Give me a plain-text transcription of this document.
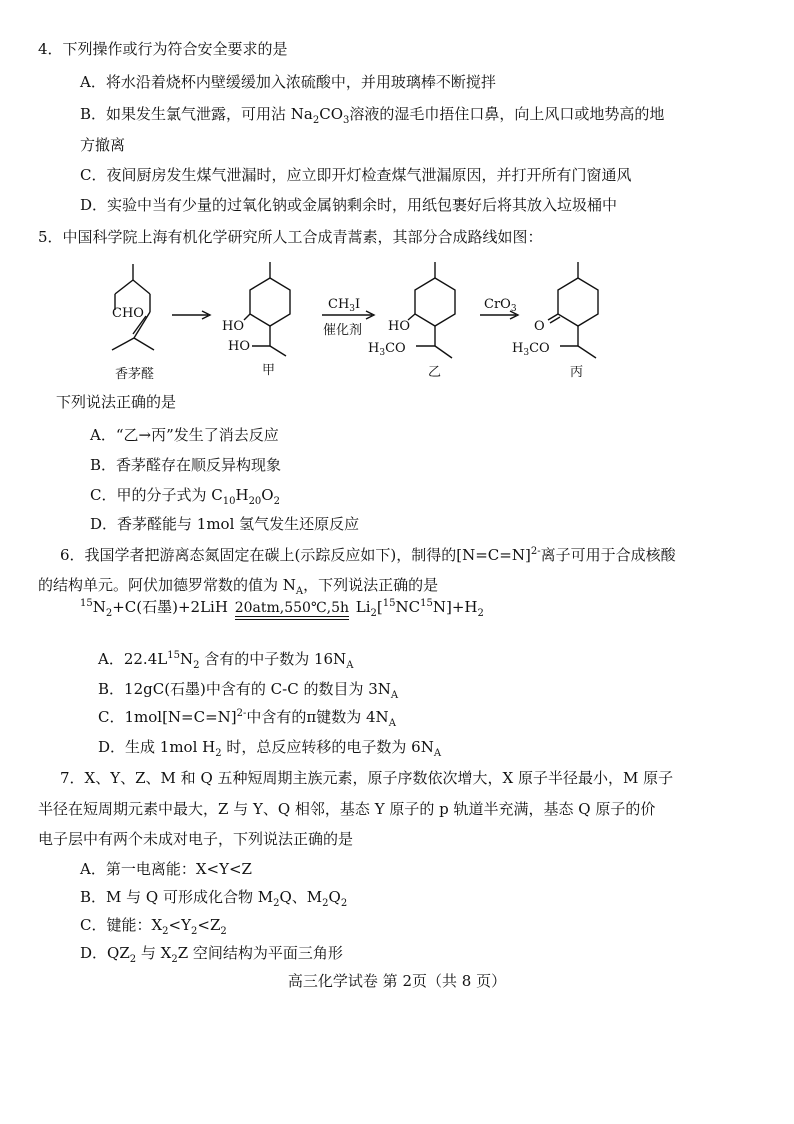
4．下列操作或行为符合安全要求的是
A．将水沿着烧杯内壁缓缓加入浓硫酸中，并用玻璃棒不断搅拌
B．如果发生氯气泄露，可用沾 $Na_2CO_3$溶液的湿毛巾捂住口鼻，向上风口或地势高的地
方撤离
C．夜间厨房发生煤气泄漏时，应立即开灯检查煤气泄漏原因，并打开所有门窗通风
D．实验中当有少量的过氧化钠或金属钠剩余时，用纸包裹好后将其放入垃圾桶中
5．中国科学院上海有机化学研究所人工合成青蒿素，其部分合成路线如图：
CHO
HO
HO
$CH_3I$
催化剂 HO
$H_3CO$
CrO$_3$
O
$H_3CO$
香茅醛	甲	乙	丙
下列说法正确的是
A．“乙→丙”发生了消去反应
B．香茅醛存在顺反异构现象
C．甲的分子式为 $C_{10}H_{20}O_2$
D．香茅醛能与 1mol 氢气发生还原反应
6．我国学者把游离态氮固定在碳上(示踪反应如下)，制得的[N=C=N]$^{2-}$离子可用于合成核酸
的结构单元。阿伏加德罗常数的值为 $N_A$，下列说法正确的是
$^{15}N_2+C$(石墨)+2LiH 20atm,550℃,5h $Li_2[^{15}NC^{15}N]+H_2$
A．$22.4L^{15}N_2$ 含有的中子数为 $16N_A$
B．12gC(石墨)中含有的 C-C 的数目为 $3N_A$
C．1mol[N=C=N]$^{2-}$中含有的π键数为 $4N_A$
D．生成 1mol $H_2$ 时，总反应转移的电子数为 $6N_A$
7．X、Y、Z、M 和 Q 五种短周期主族元素，原子序数依次增大，X 原子半径最小，M 原子
半径在短周期元素中最大，Z 与 Y、Q 相邻，基态 Y 原子的 p 轨道半充满，基态 Q 原子的价
电子层中有两个未成对电子，下列说法正确的是
A．第一电离能：X<Y<Z
B．M 与 Q 可形成化合物 $M_2Q$、$M_2Q_2$
C．键能：$X_2<Y_2<Z_2$
D．$QZ_2$ 与 $X_2Z$ 空间结构为平面三角形
高三化学试卷 第 2页（共 8 页）
